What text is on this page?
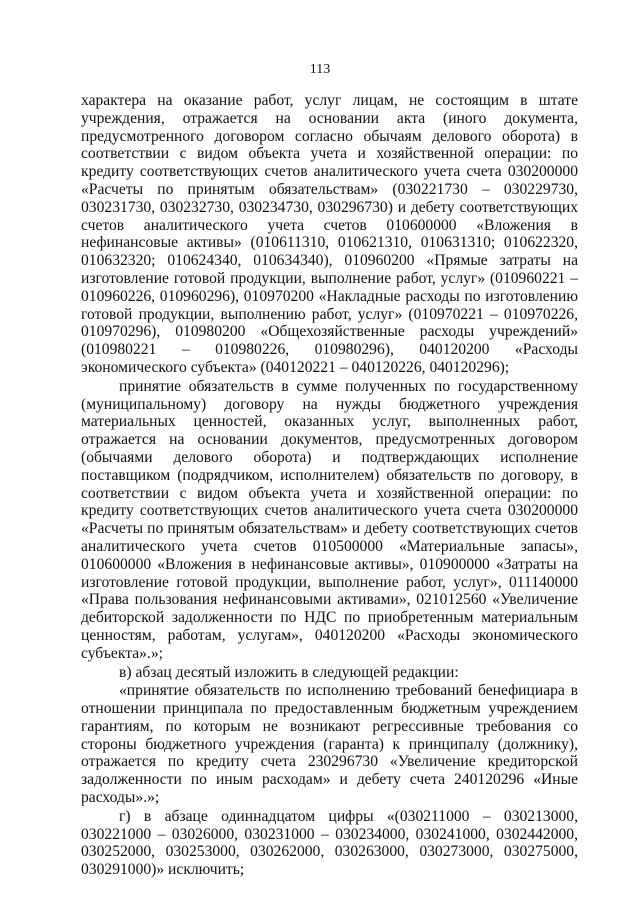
113

характера на оказание работ, услуг лицам, не состоящим в штате учреждения, отражается на основании акта (иного документа, предусмотренного договором согласно обычаям делового оборота) в соответствии с видом объекта учета и хозяйственной операции: по кредиту соответствующих счетов аналитического учета счета 030200000 «Расчеты по принятым обязательствам» (030221730 – 030229730, 030231730, 030232730, 030234730, 030296730) и дебету соответствующих счетов аналитического учета счетов 010600000 «Вложения в нефинансовые активы» (010611310, 010621310, 010631310; 010622320, 010632320; 010624340, 010634340), 010960200 «Прямые затраты на изготовление готовой продукции, выполнение работ, услуг» (010960221 – 010960226, 010960296), 010970200 «Накладные расходы по изготовлению готовой продукции, выполнению работ, услуг» (010970221 – 010970226, 010970296), 010980200 «Общехозяйственные расходы учреждений» (010980221 – 010980226, 010980296), 040120200 «Расходы экономического субъекта» (040120221 – 040120226, 040120296);

принятие обязательств в сумме полученных по государственному (муниципальному) договору на нужды бюджетного учреждения материальных ценностей, оказанных услуг, выполненных работ, отражается на основании документов, предусмотренных договором (обычаями делового оборота) и подтверждающих исполнение поставщиком (подрядчиком, исполнителем) обязательств по договору, в соответствии с видом объекта учета и хозяйственной операции: по кредиту соответствующих счетов аналитического учета счета 030200000 «Расчеты по принятым обязательствам» и дебету соответствующих счетов аналитического учета счетов 010500000 «Материальные запасы», 010600000 «Вложения в нефинансовые активы», 010900000 «Затраты на изготовление готовой продукции, выполнение работ, услуг», 011140000 «Права пользования нефинансовыми активами», 021012560 «Увеличение дебиторской задолженности по НДС по приобретенным материальным ценностям, работам, услугам», 040120200 «Расходы экономического субъекта».»;

в) абзац десятый изложить в следующей редакции:

«принятие обязательств по исполнению требований бенефициара в отношении принципала по предоставленным бюджетным учреждением гарантиям, по которым не возникают регрессивные требования со стороны бюджетного учреждения (гаранта) к принципалу (должнику), отражается по кредиту счета 230296730 «Увеличение кредиторской задолженности по иным расходам» и дебету счета 240120296 «Иные расходы».»;

г) в абзаце одиннадцатом цифры «(030211000 – 030213000, 030221000 – 03026000, 030231000 – 030234000, 030241000, 0302442000, 030252000, 030253000, 030262000, 030263000, 030273000, 030275000, 030291000)» исключить;
